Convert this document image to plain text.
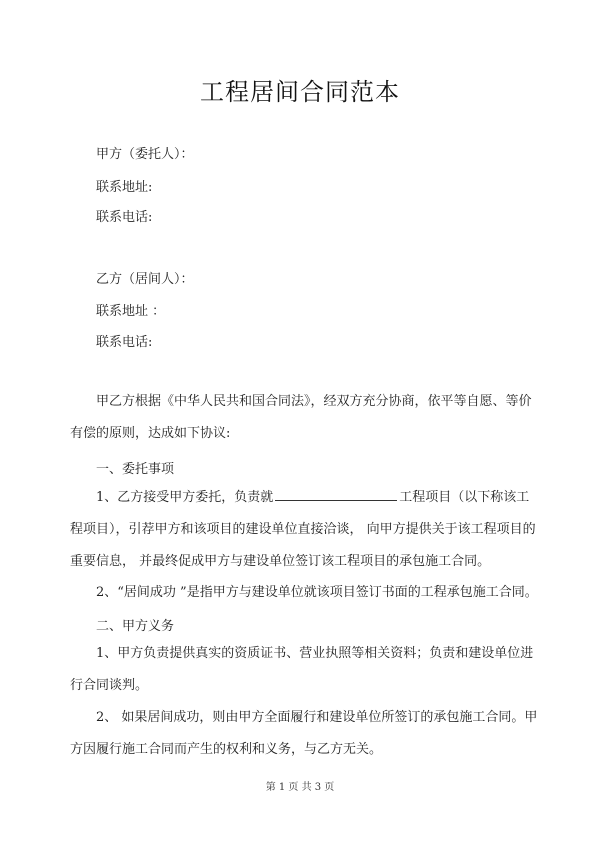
工程居间合同范本
甲方（委托人）：
联系地址:
联系电话:
乙方（居间人）：
联系地址 ：
联系电话:
甲乙方根据《中华人民共和国合同法》，经双方充分协商，依平等自愿、等价有偿的原则，达成如下协议:
一、委托事项
1、乙方接受甲方委托，负责就	工程项目（以下称该工程项目），引荐甲方和该项目的建设单位直接洽谈， 向甲方提供关于该工程项目的重要信息， 并最终促成甲方与建设单位签订该工程项目的承包施工合同。
2、“居间成功 ”是指甲方与建设单位就该项目签订书面的工程承包施工合同。
二、甲方义务
1、甲方负责提供真实的资质证书、营业执照等相关资料；负责和建设单位进行合同谈判。
2、 如果居间成功，则由甲方全面履行和建设单位所签订的承包施工合同。甲方因履行施工合同而产生的权利和义务，与乙方无关。
第 1 页 共 3 页
